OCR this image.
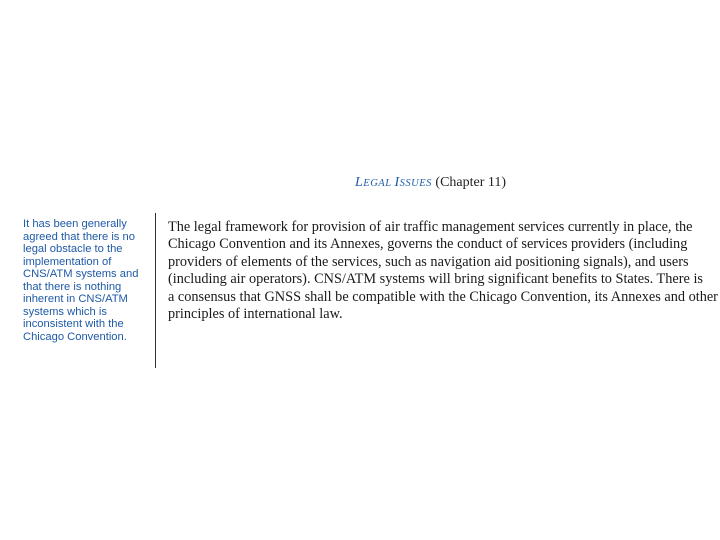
LEGAL ISSUES (Chapter 11)
It has been generally
agreed that there is no
legal obstacle to the
implementation of
CNS/ATM systems and
that there is nothing
inherent in CNS/ATM
systems which is
inconsistent with the
Chicago Convention.
The legal framework for provision of air traffic management services currently in place, the
Chicago Convention and its Annexes, governs the conduct of services providers (including
providers of elements of the services, such as navigation aid positioning signals), and users
(including air operators). CNS/ATM systems will bring significant benefits to States. There is
a consensus that GNSS shall be compatible with the Chicago Convention, its Annexes and other
principles of international law.
